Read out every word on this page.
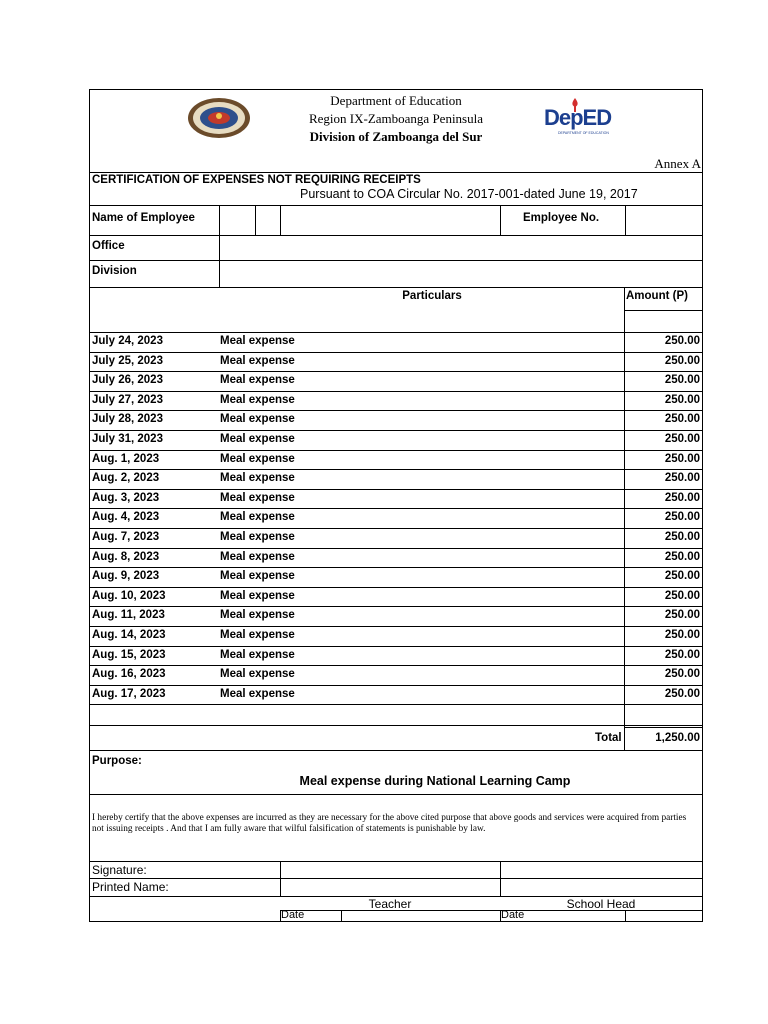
Department of Education
Region IX-Zamboanga Peninsula
Division of Zamboanga del Sur
DepED
DEPARTMENT OF EDUCATION
Annex A
CERTIFICATION OF EXPENSES NOT REQUIRING RECEIPTS
Pursuant to COA Circular No. 2017-001-dated June 19, 2017
Name of Employee	Employee No.
Office
Division
Particulars	Amount (P)
July 24, 2023	Meal expense	250.00
July 25, 2023	Meal expense	250.00
July 26, 2023	Meal expense	250.00
July 27, 2023	Meal expense	250.00
July 28, 2023	Meal expense	250.00
July 31, 2023	Meal expense	250.00
Aug. 1, 2023	Meal expense	250.00
Aug. 2, 2023	Meal expense	250.00
Aug. 3, 2023	Meal expense	250.00
Aug. 4, 2023	Meal expense	250.00
Aug. 7, 2023	Meal expense	250.00
Aug. 8, 2023	Meal expense	250.00
Aug. 9, 2023	Meal expense	250.00
Aug. 10, 2023	Meal expense	250.00
Aug. 11, 2023	Meal expense	250.00
Aug. 14, 2023	Meal expense	250.00
Aug. 15, 2023	Meal expense	250.00
Aug. 16, 2023	Meal expense	250.00
Aug. 17, 2023	Meal expense	250.00
Total	1,250.00
Purpose:
Meal expense during National Learning Camp
I hereby certify that the above expenses are incurred as they are necessary for the above cited purpose that above goods and services were acquired from parties not issuing receipts . And that I am fully aware that wilful falsification of statements is punishable by law.
Signature:
Printed Name:
Teacher	School Head
Date	Date
